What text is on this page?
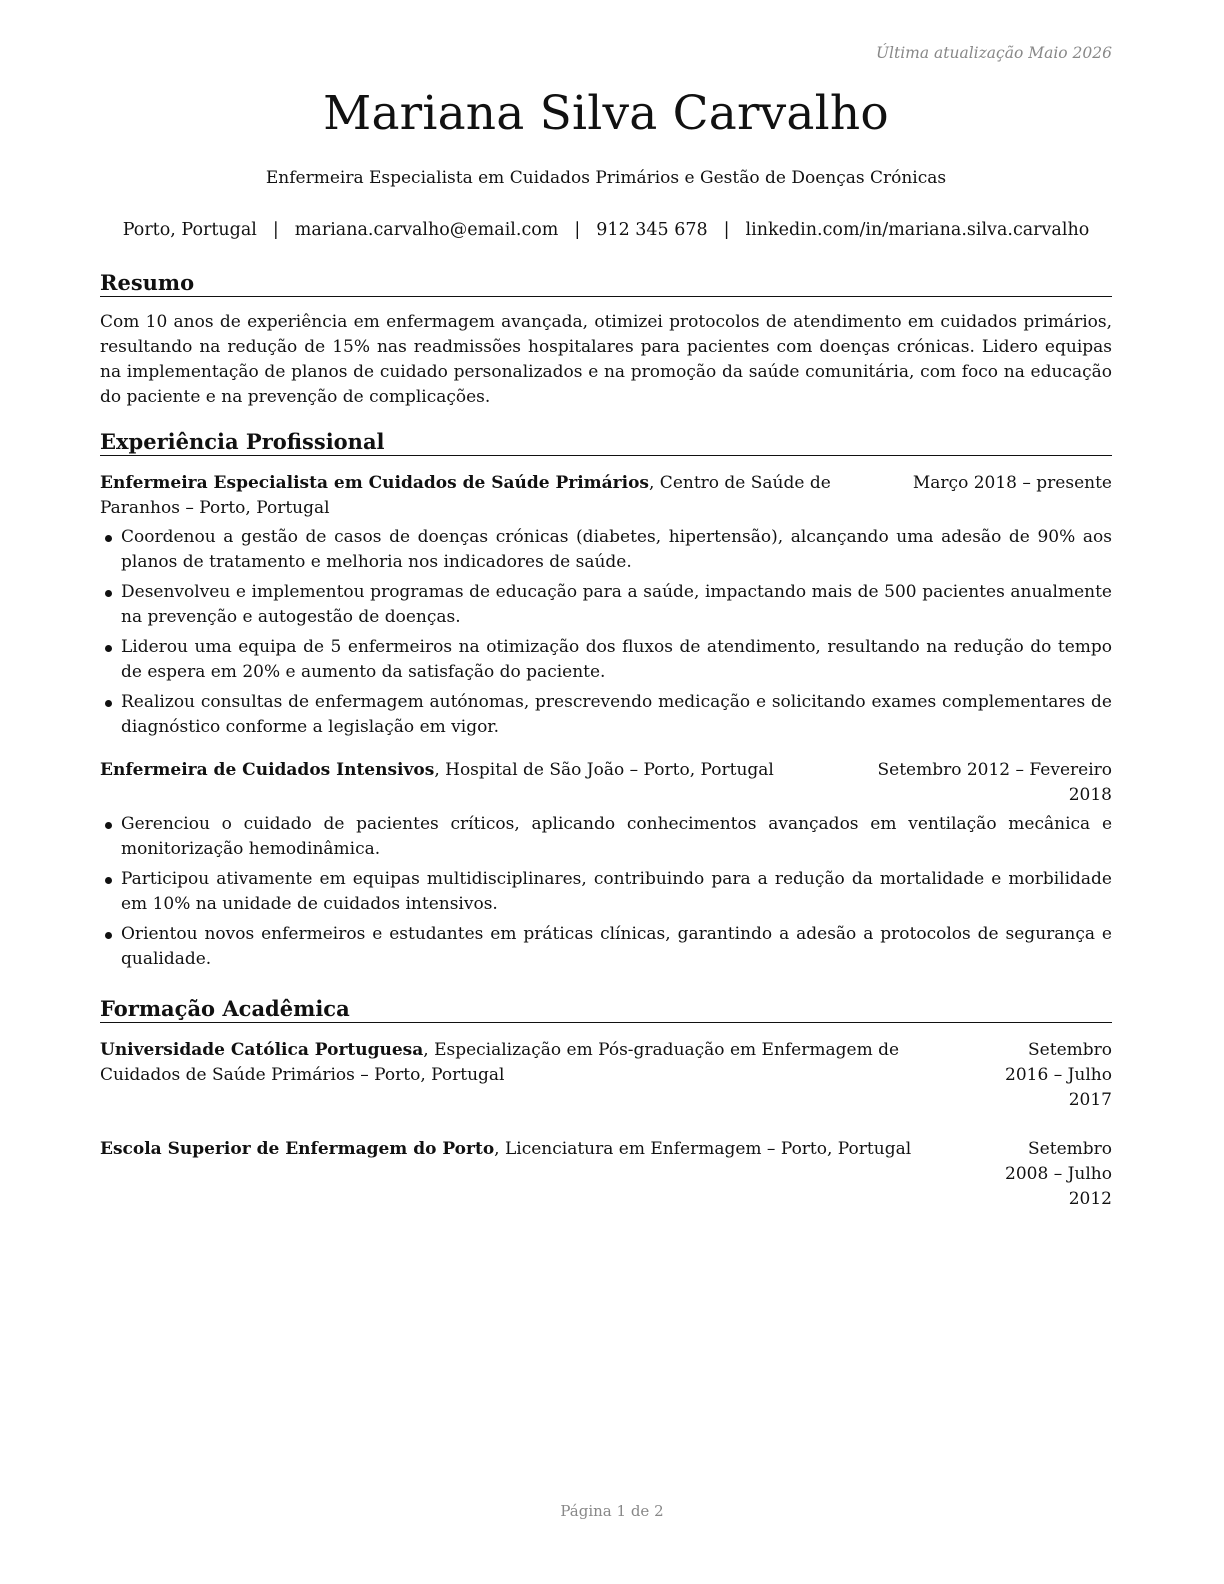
Última atualização Maio 2026
Mariana Silva Carvalho
Enfermeira Especialista em Cuidados Primários e Gestão de Doenças Crónicas
Porto, Portugal | mariana.carvalho@email.com | 912 345 678 | linkedin.com/in/mariana.silva.carvalho
Resumo

Com 10 anos de experiência em enfermagem avançada, otimizei protocolos de atendimento em cuidados primários, resultando na redução de 15% nas readmissões hospitalares para pacientes com doenças crónicas. Lidero equipas na implementação de planos de cuidado personalizados e na promoção da saúde comunitária, com foco na educação do paciente e na prevenção de complicações.

Experiência Profissional
Enfermeira Especialista em Cuidados de Saúde Primários, Centro de Saúde de Paranhos – Porto, Portugal
Março 2018 – presente
Coordenou a gestão de casos de doenças crónicas (diabetes, hipertensão), alcançando uma adesão de 90% aos planos de tratamento e melhoria nos indicadores de saúde.
Desenvolveu e implementou programas de educação para a saúde, impactando mais de 500 pacientes anualmente na prevenção e autogestão de doenças.
Liderou uma equipa de 5 enfermeiros na otimização dos fluxos de atendimento, resultando na redução do tempo de espera em 20% e aumento da satisfação do paciente.
Realizou consultas de enfermagem autónomas, prescrevendo medicação e solicitando exames complementares de diagnóstico conforme a legislação em vigor.
Enfermeira de Cuidados Intensivos, Hospital de São João – Porto, Portugal	Setembro 2012 – Fevereiro 2018
Gerenciou o cuidado de pacientes críticos, aplicando conhecimentos avançados em ventilação mecânica e monitorização hemodinâmica.
Participou ativamente em equipas multidisciplinares, contribuindo para a redução da mortalidade e morbilidade em 10% na unidade de cuidados intensivos.
Orientou novos enfermeiros e estudantes em práticas clínicas, garantindo a adesão a protocolos de segurança e qualidade.
Formação Acadêmica
Universidade Católica Portuguesa, Especialização em Pós-graduação em Enfermagem de Cuidados de Saúde Primários – Porto, Portugal
Setembro 2016 – Julho 2017
Escola Superior de Enfermagem do Porto, Licenciatura em Enfermagem – Porto, Portugal	Setembro 2008 – Julho 2012
Página 1 de 2
